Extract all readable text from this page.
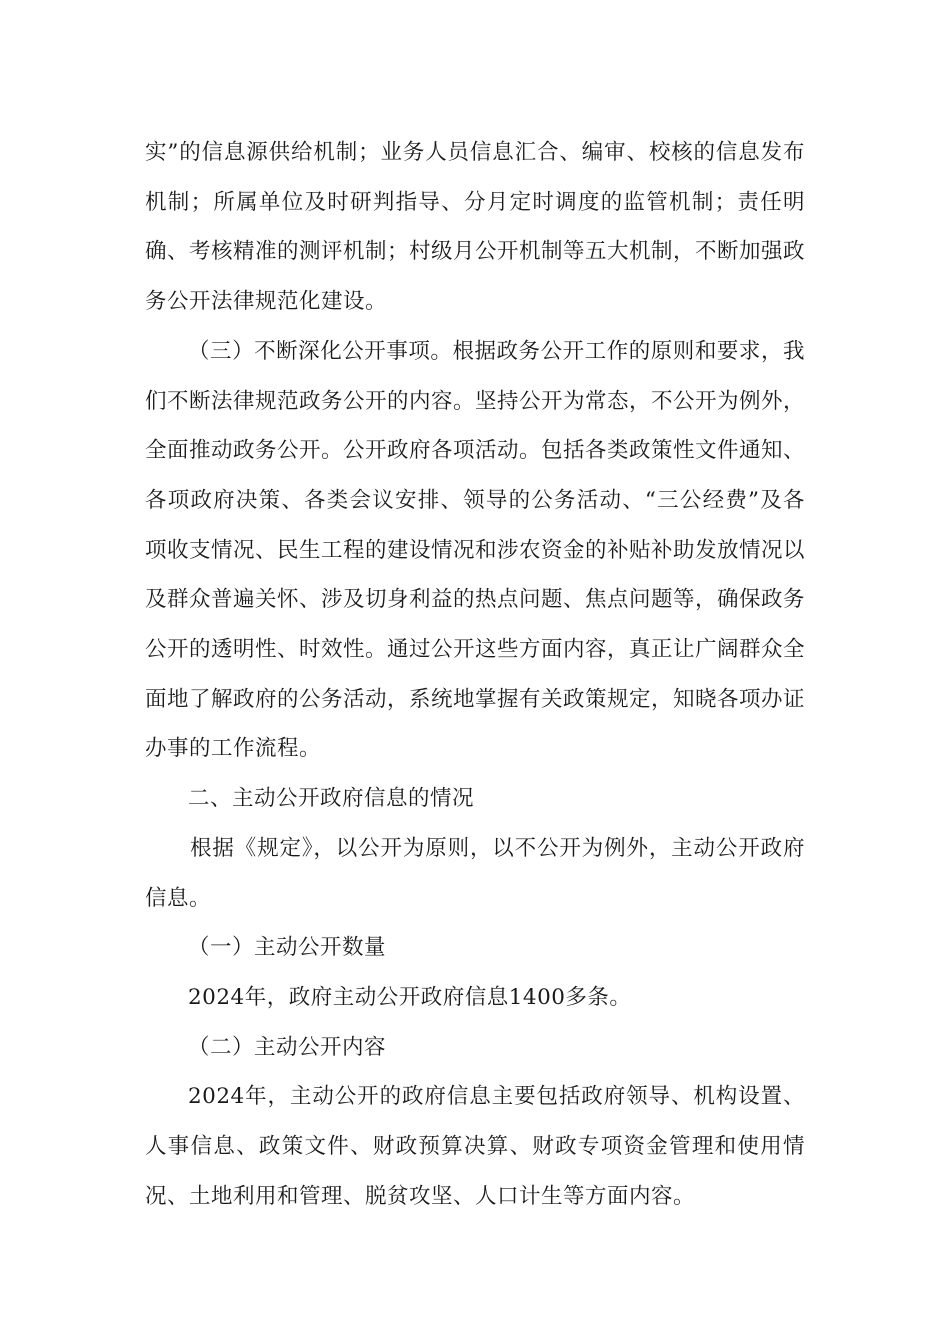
实”的信息源供给机制；业务人员信息汇合、编审、校核的信息发布机制；所属单位及时研判指导、分月定时调度的监管机制；责任明确、考核精准的测评机制；村级月公开机制等五大机制，不断加强政务公开法律规范化建设。

（三）不断深化公开事项。根据政务公开工作的原则和要求，我们不断法律规范政务公开的内容。坚持公开为常态，不公开为例外，全面推动政务公开。公开政府各项活动。包括各类政策性文件通知、各项政府决策、各类会议安排、领导的公务活动、“三公经费”及各项收支情况、民生工程的建设情况和涉农资金的补贴补助发放情况以及群众普遍关怀、涉及切身利益的热点问题、焦点问题等，确保政务公开的透明性、时效性。通过公开这些方面内容，真正让广阔群众全面地了解政府的公务活动，系统地掌握有关政策规定，知晓各项办证办事的工作流程。

二、主动公开政府信息的情况

根据《规定》，以公开为原则，以不公开为例外，主动公开政府信息。

（一）主动公开数量

2024年，政府主动公开政府信息1400多条。

（二）主动公开内容

2024年，主动公开的政府信息主要包括政府领导、机构设置、人事信息、政策文件、财政预算决算、财政专项资金管理和使用情况、土地利用和管理、脱贫攻坚、人口计生等方面内容。
